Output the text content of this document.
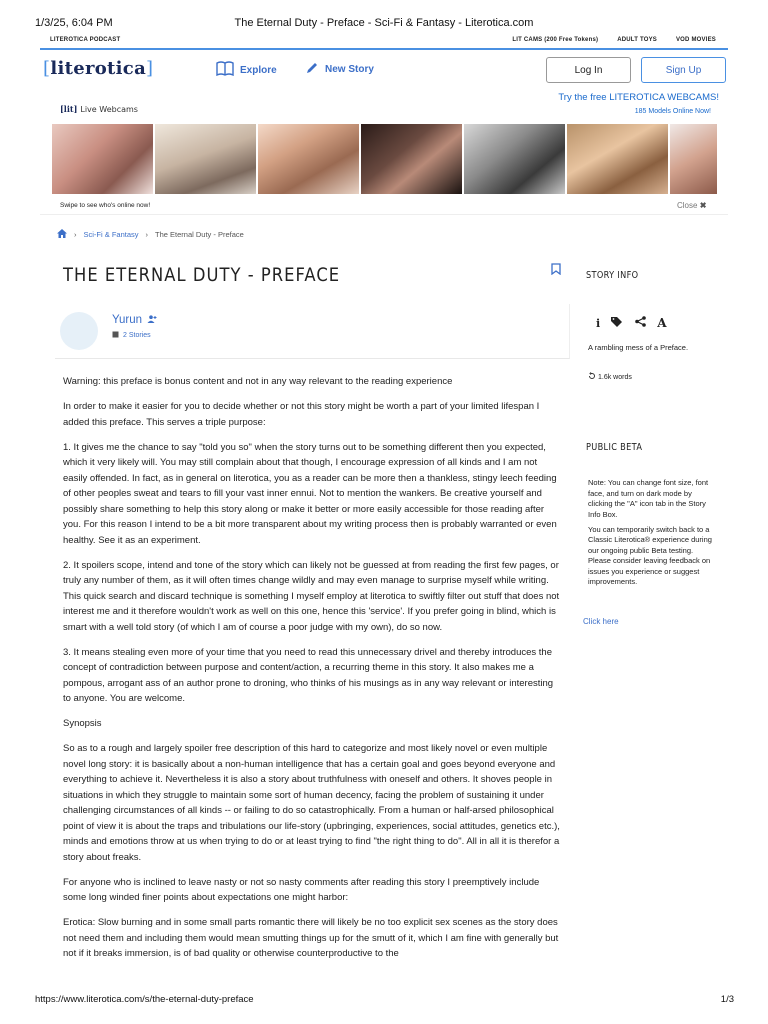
1/3/25, 6:04 PM	The Eternal Duty - Preface - Sci-Fi & Fantasy - Literotica.com
LITEROTICA PODCAST	LIT CAMS (200 Free Tokens)	ADULT TOYS	VOD MOVIES
[literotica]	Explore	New Story	Log In	Sign Up
[lit] Live Webcams
Try the free LITEROTICA WEBCAMS!
185 Models Online Now!
Swipe to see who's online now!	Close ✖
› Sci-Fi & Fantasy › The Eternal Duty - Preface
THE ETERNAL DUTY - PREFACE
Yurun
2 Stories

Warning: this preface is bonus content and not in any way relevant to the reading experience

In order to make it easier for you to decide whether or not this story might be worth a part of your limited lifespan I added this preface. This serves a triple purpose:

1. It gives me the chance to say "told you so" when the story turns out to be something different then you expected, which it very likely will. You may still complain about that though, I encourage expression of all kinds and I am not easily offended. In fact, as in general on literotica, you as a reader can be more then a thankless, stingy leech feeding of other peoples sweat and tears to fill your vast inner ennui. Not to mention the wankers. Be creative yourself and possibly share something to help this story along or make it better or more easily accessible for those reading after you. For this reason I intend to be a bit more transparent about my writing process then is probably warranted or even healthy. See it as an experiment.

2. It spoilers scope, intend and tone of the story which can likely not be guessed at from reading the first few pages, or truly any number of them, as it will often times change wildly and may even manage to surprise myself while writing. This quick search and discard technique is something I myself employ at literotica to swiftly filter out stuff that does not interest me and it therefore wouldn't work as well on this one, hence this 'service'. If you prefer going in blind, which is smart with a well told story (of which I am of course a poor judge with my own), do so now.

3. It means stealing even more of your time that you need to read this unnecessary drivel and thereby introduces the concept of contradiction between purpose and content/action, a recurring theme in this story. It also makes me a pompous, arrogant ass of an author prone to droning, who thinks of his musings as in any way relevant or interesting to anyone. You are welcome.

Synopsis

So as to a rough and largely spoiler free description of this hard to categorize and most likely novel or even multiple novel long story: it is basically about a non-human intelligence that has a certain goal and goes beyond everyone and everything to achieve it. Nevertheless it is also a story about truthfulness with oneself and others. It shoves people in situations in which they struggle to maintain some sort of human decency, facing the problem of sustaining it under challenging circumstances of all kinds -- or failing to do so catastrophically. From a human or half-arsed philosophical point of view it is about the traps and tribulations our life-story (upbringing, experiences, social attitudes, genetics etc.), minds and emotions throw at us when trying to do or at least trying to find "the right thing to do". All in all it is therefor a story about freaks.

For anyone who is inclined to leave nasty or not so nasty comments after reading this story I preemptively include some long winded finer points about expectations one might harbor:

Erotica: Slow burning and in some small parts romantic there will likely be no too explicit sex scenes as the story does not need them and including them would mean smutting things up for the smutt of it, which I am fine with generally but not if it breaks immersion, is of bad quality or otherwise counterproductive to the

STORY INFO
i	A
A rambling mess of a Preface.
1.6k words
PUBLIC BETA

Note: You can change font size, font face, and turn on dark mode by clicking the "A" icon tab in the Story Info Box.

You can temporarily switch back to a Classic Literotica® experience during our ongoing public Beta testing. Please consider leaving feedback on issues you experience or suggest improvements.

Click here
https://www.literotica.com/s/the-eternal-duty-preface	1/3
